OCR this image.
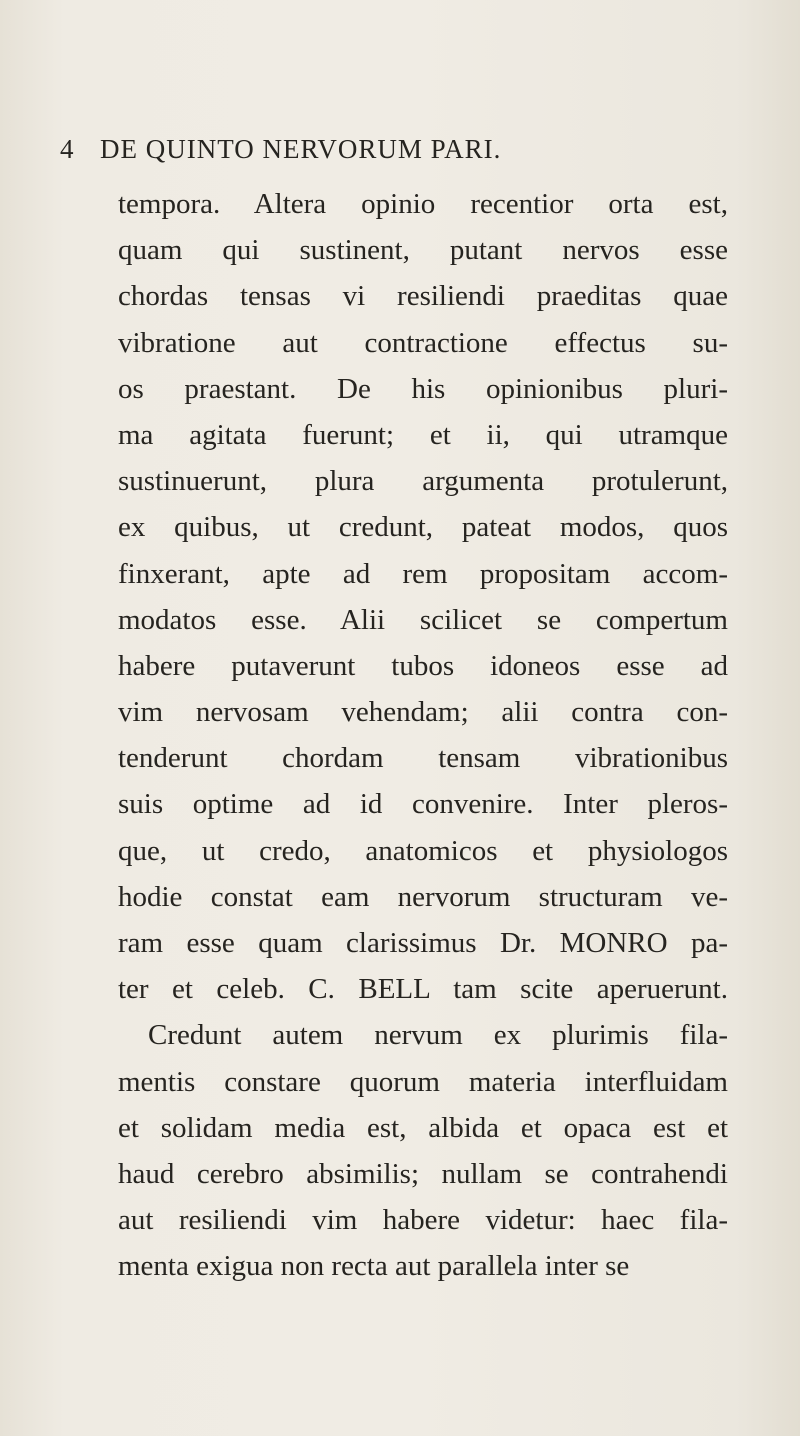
4 DE QUINTO NERVORUM PARI.
tempora. Altera opinio recentior orta est,
quam qui sustinent, putant nervos esse
chordas tensas vi resiliendi praeditas quae
vibratione aut contractione effectus su-
os praestant. De his opinionibus pluri-
ma agitata fuerunt; et ii, qui utramque
sustinuerunt, plura argumenta protulerunt,
ex quibus, ut credunt, pateat modos, quos
finxerant, apte ad rem propositam accom-
modatos esse. Alii scilicet se compertum
habere putaverunt tubos idoneos esse ad
vim nervosam vehendam; alii contra con-
tenderunt chordam tensam vibrationibus
suis optime ad id convenire. Inter pleros-
que, ut credo, anatomicos et physiologos
hodie constat eam nervorum structuram ve-
ram esse quam clarissimus Dr. MONRO pa-
ter et celeb. C. BELL tam scite aperuerunt.
Credunt autem nervum ex plurimis fila-
mentis constare quorum materia interfluidam
et solidam media est, albida et opaca est et
haud cerebro absimilis; nullam se contrahendi
aut resiliendi vim habere videtur: haec fila-
menta exigua non recta aut parallela inter se
